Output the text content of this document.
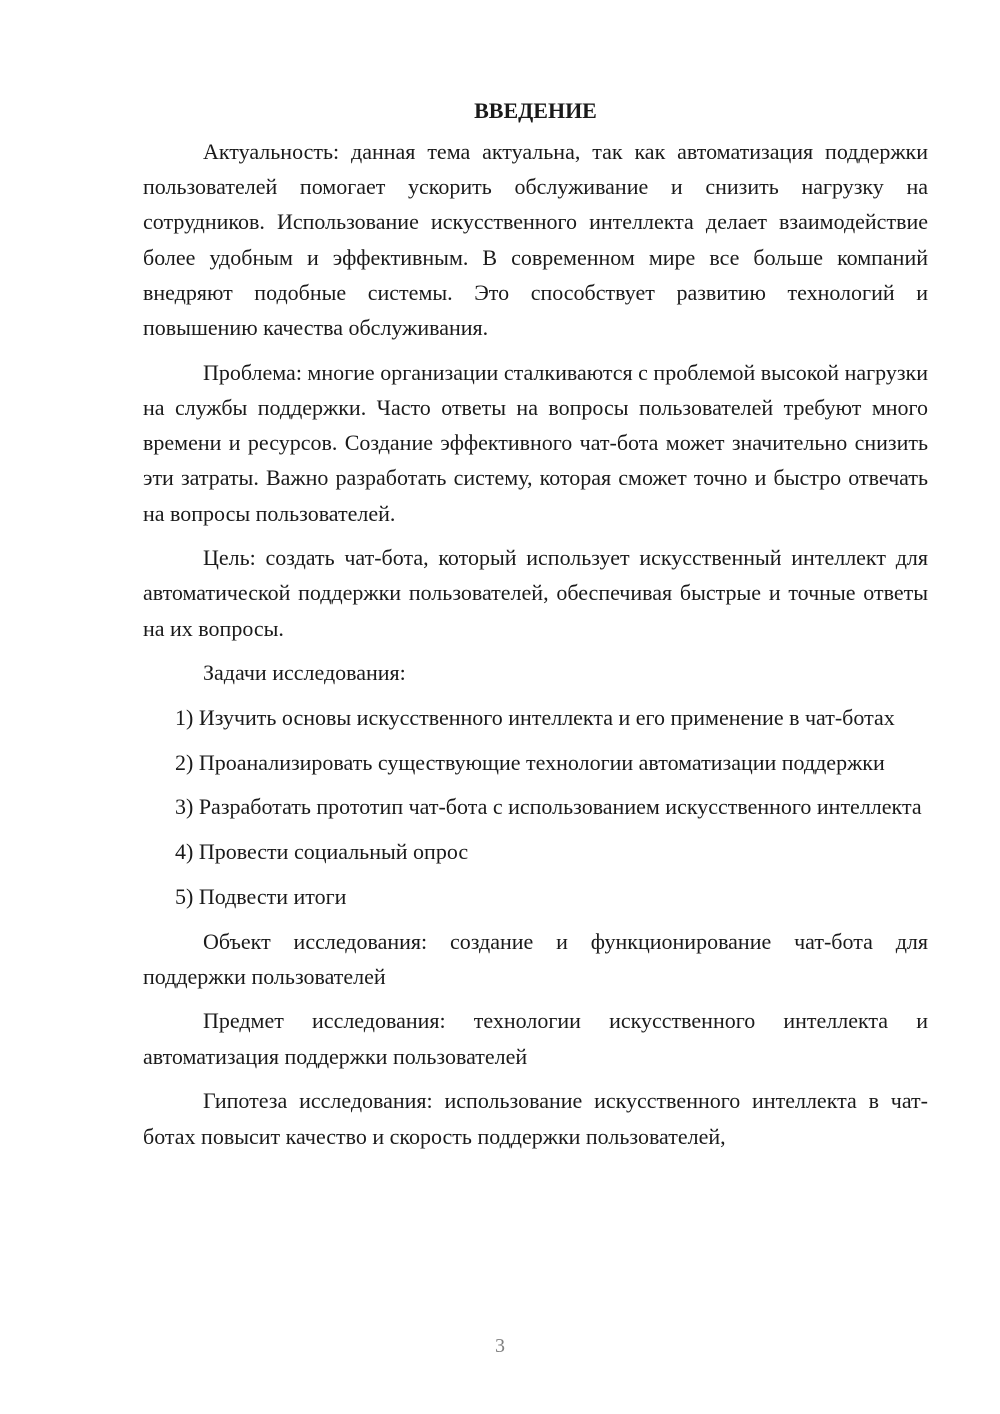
ВВЕДЕНИЕ

Актуальность: данная тема актуальна, так как автоматизация поддержки пользователей помогает ускорить обслуживание и снизить нагрузку на сотрудников. Использование искусственного интеллекта делает взаимодействие более удобным и эффективным. В современном мире все больше компаний внедряют подобные системы. Это способствует развитию технологий и повышению качества обслуживания.

Проблема: многие организации сталкиваются с проблемой высокой нагрузки на службы поддержки. Часто ответы на вопросы пользователей требуют много времени и ресурсов. Создание эффективного чат-бота может значительно снизить эти затраты. Важно разработать систему, которая сможет точно и быстро отвечать на вопросы пользователей.

Цель: создать чат-бота, который использует искусственный интеллект для автоматической поддержки пользователей, обеспечивая быстрые и точные ответы на их вопросы.

Задачи исследования:

1) Изучить основы искусственного интеллекта и его применение в чат-ботах

2) Проанализировать существующие технологии автоматизации поддержки

3) Разработать прототип чат-бота с использованием искусственного интеллекта

4) Провести социальный опрос

5) Подвести итоги

Объект исследования: создание и функционирование чат-бота для поддержки пользователей

Предмет исследования: технологии искусственного интеллекта и автоматизация поддержки пользователей

Гипотеза исследования: использование искусственного интеллекта в чат-ботах повысит качество и скорость поддержки пользователей,

3
